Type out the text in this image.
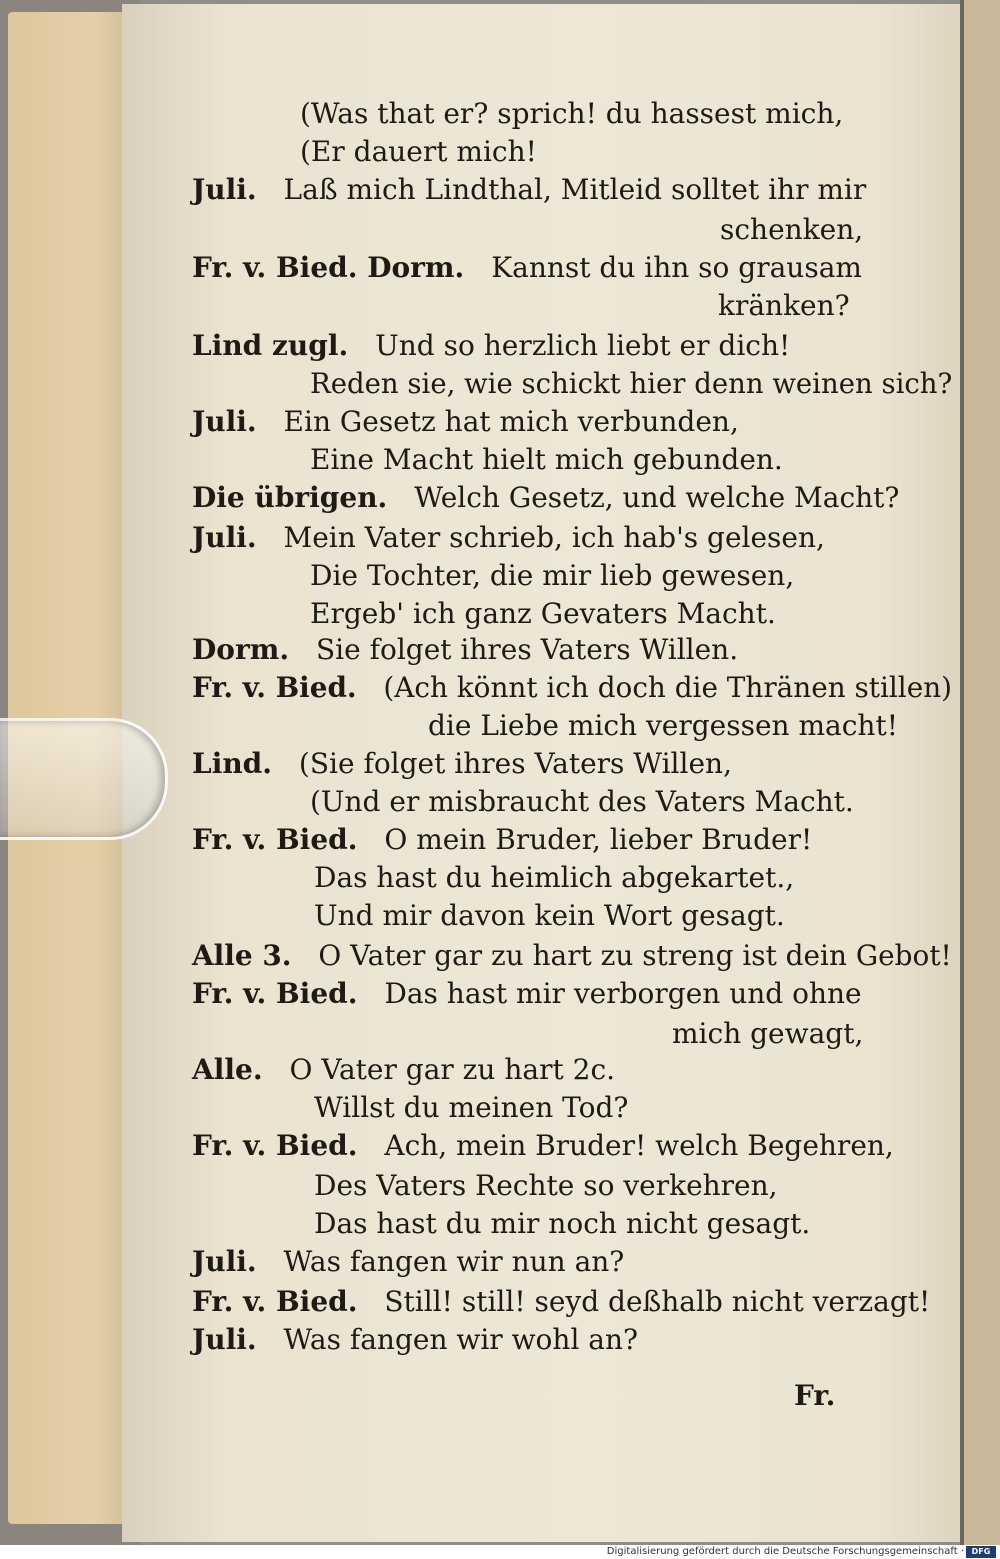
(Was that er? sprich! du hassest mich,
(Er dauert mich!
Juli. Laß mich Lindthal, Mitleid solltet ihr mir
schenken,
Fr. v. Bied. Dorm. Kannst du ihn so grausam
kränken?
Lind zugl. Und so herzlich liebt er dich!
Reden sie, wie schickt hier denn weinen sich?
Juli. Ein Gesetz hat mich verbunden,
Eine Macht hielt mich gebunden.
Die übrigen. Welch Gesetz, und welche Macht?
Juli. Mein Vater schrieb, ich hab's gelesen,
Die Tochter, die mir lieb gewesen,
Ergeb' ich ganz Gevaters Macht.
Dorm. Sie folget ihres Vaters Willen.
Fr. v. Bied. (Ach könnt ich doch die Thränen stillen)
die Liebe mich vergessen macht!
Lind. (Sie folget ihres Vaters Willen,
(Und er misbraucht des Vaters Macht.
Fr. v. Bied. O mein Bruder, lieber Bruder!
Das hast du heimlich abgekartet.,
Und mir davon kein Wort gesagt.
Alle 3. O Vater gar zu hart zu streng ist dein Gebot!
Fr. v. Bied. Das hast mir verborgen und ohne
mich gewagt,
Alle. O Vater gar zu hart 2c.
Willst du meinen Tod?
Fr. v. Bied. Ach, mein Bruder! welch Begehren,
Des Vaters Rechte so verkehren,
Das hast du mir noch nicht gesagt.
Juli. Was fangen wir nun an?
Fr. v. Bied. Still! still! seyd deßhalb nicht verzagt!
Juli. Was fangen wir wohl an?
Fr.
Digitalisierung gefördert durch die Deutsche Forschungsgemeinschaft · DFG
